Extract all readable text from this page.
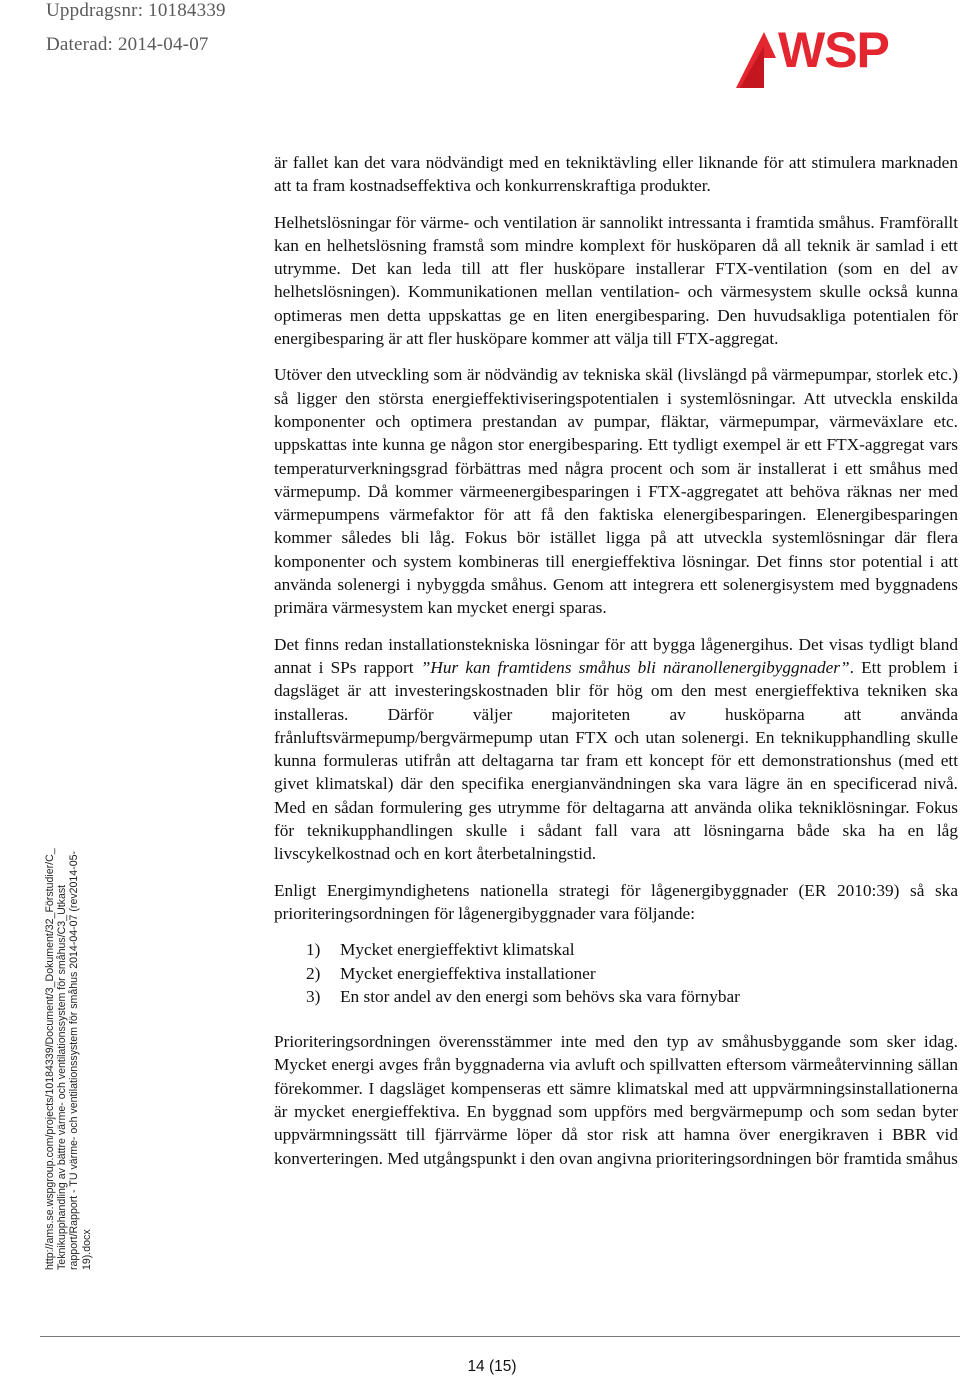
Uppdragsnr: 10184339
Daterad: 2014-04-07	WSP
http://ams.se.wspgroup.com/projects/10184339/Document/3_Dokument/32_Förstudier/C_ Teknikupphandling av bättre värme- och ventilationssystem för småhus/C3_Utkast rapport/Rapport - TU värme- och ventilationssystem för småhus 2014-04-07 (rev2014-05- 19).docx

är fallet kan det vara nödvändigt med en tekniktävling eller liknande för att stimulera marknaden att ta fram kostnadseffektiva och konkurrenskraftiga produkter.

Helhetslösningar för värme- och ventilation är sannolikt intressanta i framtida småhus. Framförallt kan en helhetslösning framstå som mindre komplext för husköparen då all teknik är samlad i ett utrymme. Det kan leda till att fler husköpare installerar FTX-ventilation (som en del av helhetslösningen). Kommunikationen mellan ventilation- och värmesystem skulle också kunna optimeras men detta uppskattas ge en liten energibesparing. Den huvudsakliga potentialen för energibesparing är att fler husköpare kommer att välja till FTX-aggregat.

Utöver den utveckling som är nödvändig av tekniska skäl (livslängd på värmepumpar, storlek etc.) så ligger den största energieffektiviseringspotentialen i systemlösningar. Att utveckla enskilda komponenter och optimera prestandan av pumpar, fläktar, värmepumpar, värmeväxlare etc. uppskattas inte kunna ge någon stor energibesparing. Ett tydligt exempel är ett FTX-aggregat vars temperaturverkningsgrad förbättras med några procent och som är installerat i ett småhus med värmepump. Då kommer värmeenergibesparingen i FTX-aggregatet att behöva räknas ner med värmepumpens värmefaktor för att få den faktiska elenergibesparingen. Elenergibesparingen kommer således bli låg. Fokus bör istället ligga på att utveckla systemlösningar där flera komponenter och system kombineras till energieffektiva lösningar. Det finns stor potential i att använda solenergi i nybyggda småhus. Genom att integrera ett solenergisystem med byggnadens primära värmesystem kan mycket energi sparas.

Det finns redan installationstekniska lösningar för att bygga lågenergihus. Det visas tydligt bland annat i SPs rapport ”Hur kan framtidens småhus bli näranollenergibyggnader”. Ett problem i dagsläget är att investeringskostnaden blir för hög om den mest energieffektiva tekniken ska installeras. Därför väljer majoriteten av husköparna att använda frånluftsvärmepump/bergvärmepump utan FTX och utan solenergi. En teknikupphandling skulle kunna formuleras utifrån att deltagarna tar fram ett koncept för ett demonstrationshus (med ett givet klimatskal) där den specifika energianvändningen ska vara lägre än en specificerad nivå. Med en sådan formulering ges utrymme för deltagarna att använda olika tekniklösningar. Fokus för teknikupphandlingen skulle i sådant fall vara att lösningarna både ska ha en låg livscykelkostnad och en kort återbetalningstid.

Enligt Energimyndighetens nationella strategi för lågenergibyggnader (ER 2010:39) så ska prioriteringsordningen för lågenergibyggnader vara följande:

1) Mycket energieffektivt klimatskal
2) Mycket energieffektiva installationer
3) En stor andel av den energi som behövs ska vara förnybar

Prioriteringsordningen överensstämmer inte med den typ av småhusbyggande som sker idag. Mycket energi avges från byggnaderna via avluft och spillvatten eftersom värmeåtervinning sällan förekommer. I dagsläget kompenseras ett sämre klimatskal med att uppvärmningsinstallationerna är mycket energieffektiva. En byggnad som uppförs med bergvärmepump och som sedan byter uppvärmningssätt till fjärrvärme löper då stor risk att hamna över energikraven i BBR vid konverteringen. Med utgångspunkt i den ovan angivna prioriteringsordningen bör framtida småhus

14 (15)
